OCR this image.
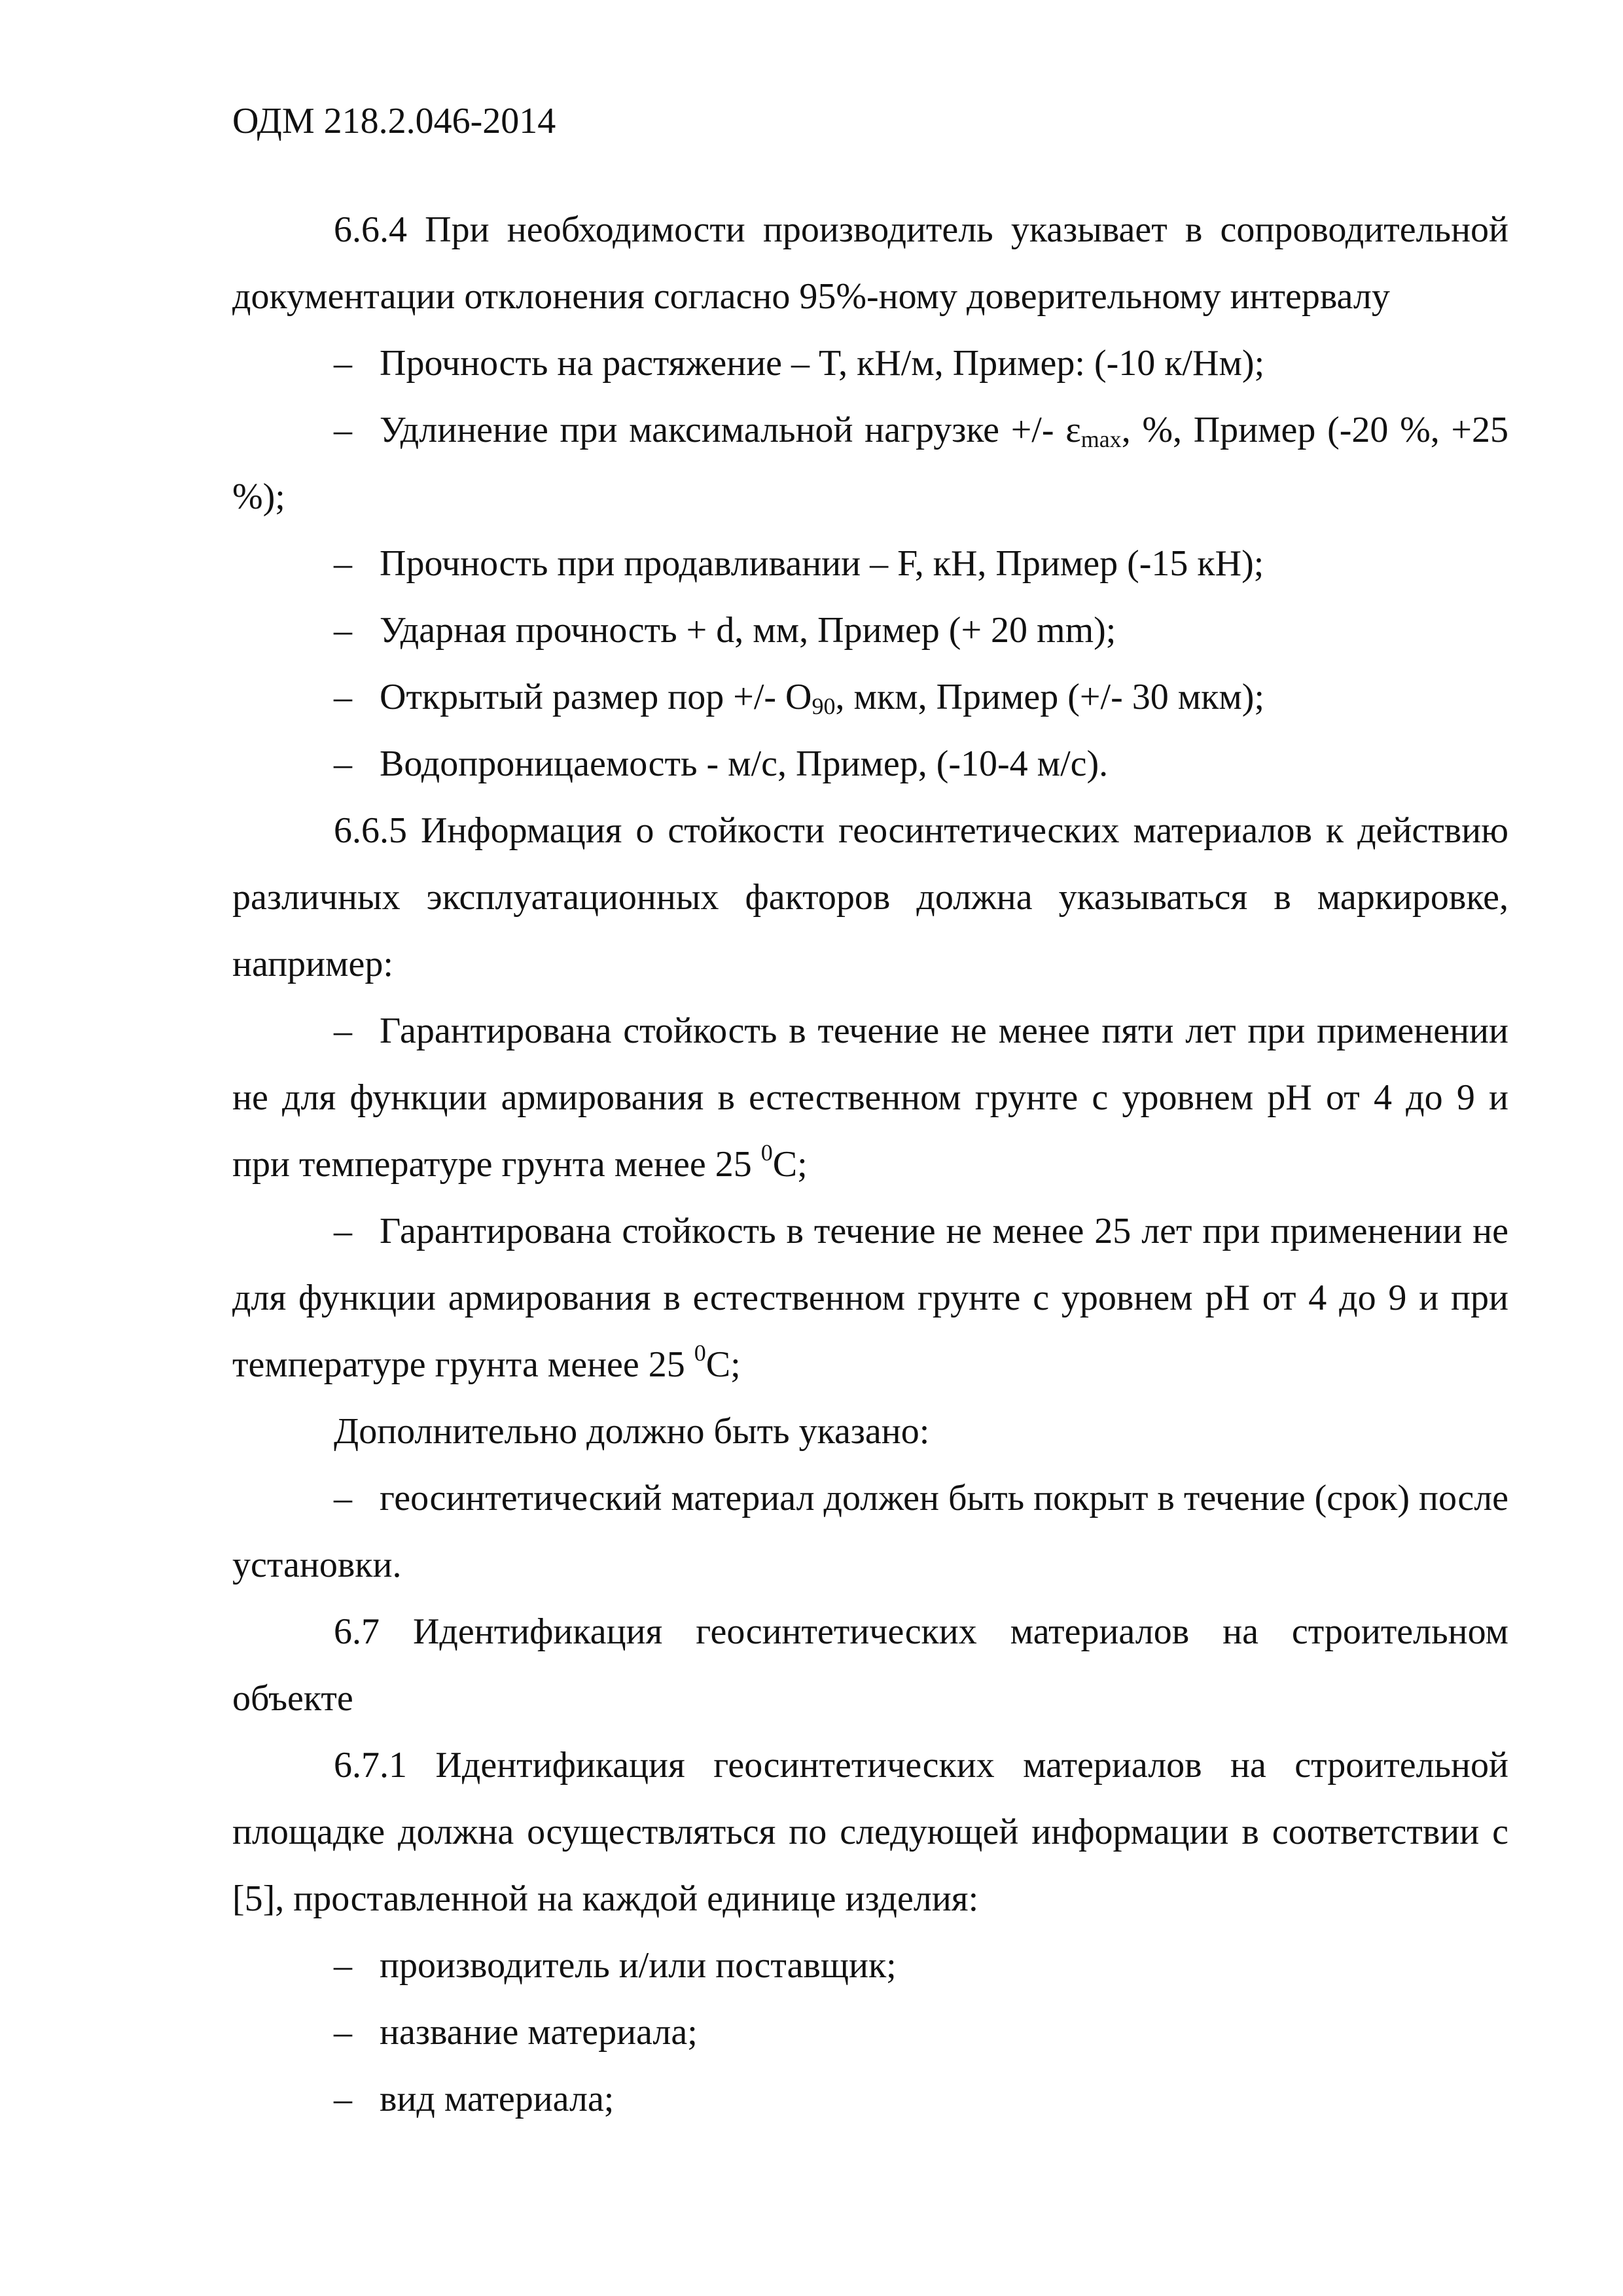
ОДМ 218.2.046-2014

6.6.4 При необходимости производитель указывает в сопроводительной документации отклонения согласно 95%-ному доверительному интервалу

– Прочность на растяжение – T, кН/м, Пример: (-10 к/Нм);

– Удлинение при максимальной нагрузке +/- $\varepsilon_{max}$, %, Пример (-20 %, +25 %);

– Прочность при продавливании – F, кН, Пример (-15 кН);

– Ударная прочность + d, мм, Пример (+ 20 mm);

– Открытый размер пор +/- $O_{90}$, мкм, Пример (+/- 30 мкм);

– Водопроницаемость - м/с, Пример, (-10-4 м/с).

6.6.5 Информация о стойкости геосинтетических материалов к действию различных эксплуатационных факторов должна указываться в маркировке, например:

– Гарантирована стойкость в течение не менее пяти лет при применении не для функции армирования в естественном грунте с уровнем pH от 4 до 9 и при температуре грунта менее 25 $^0$С;

– Гарантирована стойкость в течение не менее 25 лет при применении не для функции армирования в естественном грунте с уровнем pH от 4 до 9 и при температуре грунта менее 25 $^0$С;

Дополнительно должно быть указано:

– геосинтетический материал должен быть покрыт в течение (срок) после установки.

6.7 Идентификация геосинтетических материалов на строительном объекте

6.7.1 Идентификация геосинтетических материалов на строительной площадке должна осуществляться по следующей информации в соответствии с [5], проставленной на каждой единице изделия:

– производитель и/или поставщик;

– название материала;

– вид материала;
